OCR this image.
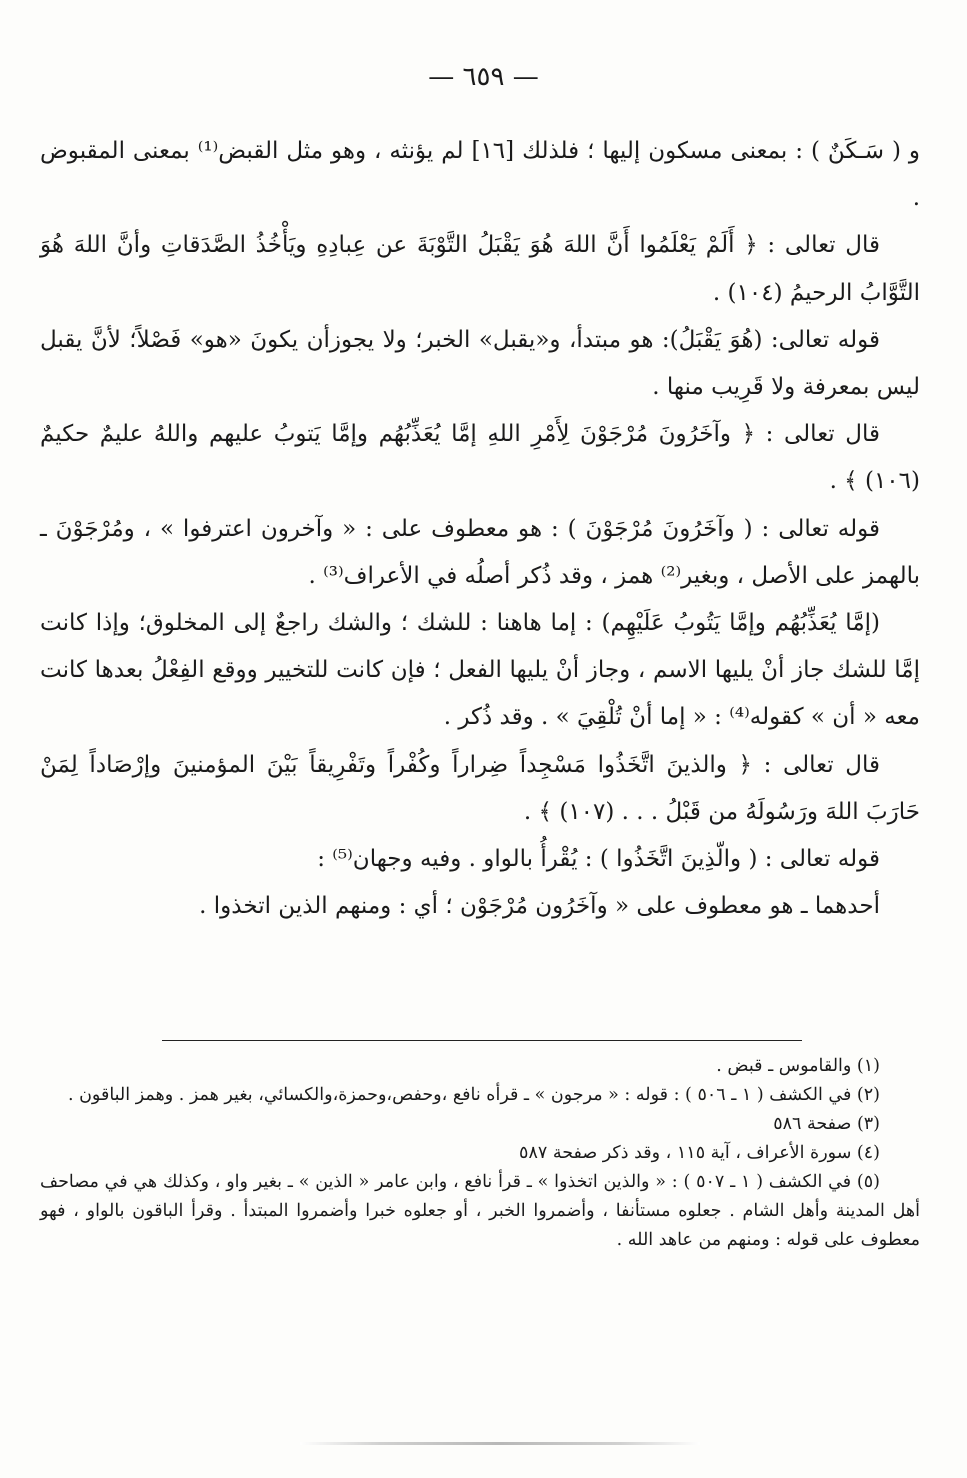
— ٦٥٩ —

و ( سَـكَنٌ ) : بمعنى مسكون إليها ؛ فلذلك [١٦] لم يؤنثه ، وهو مثل القبض⁽¹⁾ بمعنى المقبوض .

قال تعالى : ﴿ أَلَمْ يَعْلَمُوا أَنَّ اللهَ هُوَ يَقْبَلُ التَّوْبَةَ عن عِبادِهِ ويَأْخُذُ الصَّدَقاتِ وأنَّ اللهَ هُوَ التَّوَّابُ الرحيمُ (١٠٤) .

قوله تعالى: (هُوَ يَقْبَلُ): هو مبتدأ، و«يقبل» الخبر؛ ولا يجوزأن يكونَ «هو» فَصْلاً؛ لأنَّ يقبل ليس بمعرفة ولا قَرِيب منها .

قال تعالى : ﴿ وآخَرُونَ مُرْجَوْنَ لِأَمْرِ اللهِ إمَّا يُعَذِّبُهُم وإمَّا يَتوبُ عليهم واللهُ عليمٌ حكيمٌ (١٠٦) ﴾ .

قوله تعالى : ( وآخَرُونَ مُرْجَوْنَ ) : هو معطوف على : « وآخرون اعترفوا » ، ومُرْجَوْنَ ـ بالهمز على الأصل ، وبغير⁽²⁾ همز ، وقد ذُكر أصلُه في الأعراف⁽³⁾ .

(إمَّا يُعَذِّبُهُم وإمَّا يَتُوبُ عَلَيْهِم) : إما هاهنا : للشك ؛ والشك راجعٌ إلى المخلوق؛ وإذا كانت إمَّا للشك جاز أنْ يليها الاسم ، وجاز أنْ يليها الفعل ؛ فإن كانت للتخيير ووقع الفِعْلُ بعدها كانت معه « أن » كقوله⁽⁴⁾ : « إما أنْ تُلْقِيَ » . وقد ذُكر .

قال تعالى : ﴿ والذينَ اتَّخَذُوا مَسْجِداً ضِراراً وكُفْراً وتَفْرِيقاً بَيْنَ المؤمنينَ وإرْصَاداً لِمَنْ حَارَبَ اللهَ ورَسُولَهُ من قَبْلُ . . . (١٠٧) ﴾ .

قوله تعالى : ( والّذِينَ اتَّخَذُوا ) : يُقْرأُ بالواو . وفيه وجهان⁽⁵⁾ :

أحدهما ـ هو معطوف على « وآخَرُون مُرْجَوْن ؛ أي : ومنهم الذين اتخذوا .

(١) والقاموس ـ قبض .

(٢) في الكشف ( ١ ـ ٥٠٦ ) : قوله : « مرجون » ـ قرأه نافع ،وحفص،وحمزة،والكسائي، بغير همز . وهمز الباقون .

(٣) صفحة ٥٨٦

(٤) سورة الأعراف ، آية ١١٥ ، وقد ذكر صفحة ٥٨٧

(٥) في الكشف ( ١ ـ ٥٠٧ ) : « والذين اتخذوا » ـ قرأ نافع ، وابن عامر « الذين » ـ بغير واو ، وكذلك هي في مصاحف أهل المدينة وأهل الشام . جعلوه مستأنفا ، وأضمروا الخبر ، أو جعلوه خبرا وأضمروا المبتدأ . وقرأ الباقون بالواو ، فهو معطوف على قوله : ومنهم من عاهد الله .
